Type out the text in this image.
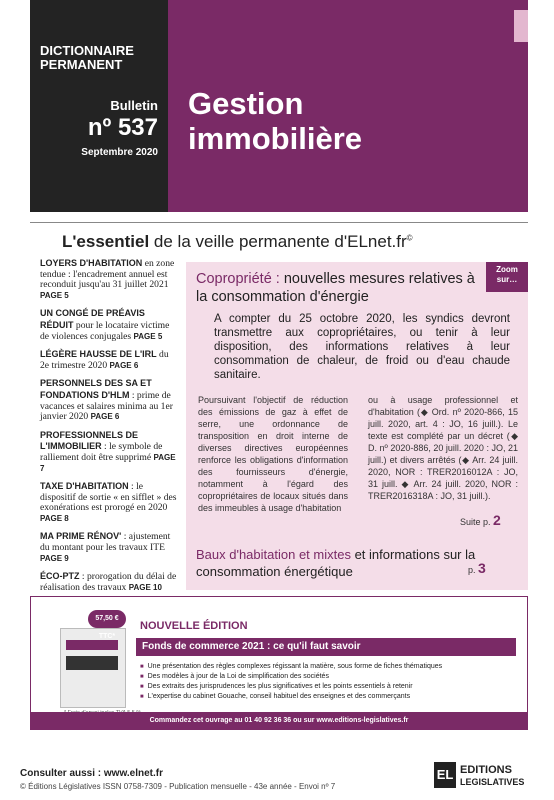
DICTIONNAIRE
PERMANENT
Bulletin
nº 537
Septembre 2020
Gestion
immobilière
L'essentiel de la veille permanente d'ELnet.fr©
LOYERS D'HABITATION en zone tendue : l'encadrement annuel est reconduit jusqu'au 31 juillet 2021 PAGE 5
UN CONGÉ DE PRÉAVIS RÉDUIT pour le locataire victime de violences conjugales PAGE 5
LÉGÈRE HAUSSE DE L'IRL du 2e trimestre 2020 PAGE 6
PERSONNELS DES SA ET FONDATIONS D'HLM : prime de vacances et salaires minima au 1er janvier 2020 PAGE 6
PROFESSIONNELS DE L'IMMOBILIER : le symbole de ralliement doit être supprimé PAGE 7
TAXE D'HABITATION : le dispositif de sortie « en sifflet » des exonérations est prorogé en 2020 PAGE 8
MA PRIME RÉNOV' : ajustement du montant pour les travaux ITE PAGE 9
ÉCO-PTZ : prorogation du délai de réalisation des travaux PAGE 10
Zoom sur…
Copropriété : nouvelles mesures relatives à la consommation d'énergie
A compter du 25 octobre 2020, les syndics devront transmettre aux copropriétaires, ou tenir à leur disposition, des informations relatives à leur consommation de chaleur, de froid ou d'eau chaude sanitaire.
Poursuivant l'objectif de réduction des émissions de gaz à effet de serre, une ordonnance de transposition en droit interne de diverses directives européennes renforce les obligations d'information des fournisseurs d'énergie, notamment à l'égard des copropriétaires de locaux situés dans des immeubles à usage d'habitation
ou à usage professionnel et d'habitation (◆ Ord. nº 2020-866, 15 juill. 2020, art. 4 : JO, 16 juill.). Le texte est complété par un décret (◆ D. nº 2020-886, 20 juill. 2020 : JO, 21 juill.) et divers arrêtés (◆ Arr. 24 juill. 2020, NOR : TRER2016012A : JO, 31 juill. ◆ Arr. 24 juill. 2020, NOR : TRER2016318A : JO, 31 juill.).
Suite p. 2
Baux d'habitation et mixtes et informations sur la consommation énergétique	p. 3
57,50 € TTC*
NOUVELLE ÉDITION
Fonds de commerce 2021 : ce qu'il faut savoir
■ Une présentation des règles complexes régissant la matière, sous forme de fiches thématiques
■ Des modèles à jour de la Loi de simplification des sociétés
■ Des extraits des jurisprudences les plus significatives et les points essentiels à retenir
■ L'expertise du cabinet Gouache, conseil habituel des enseignes et des commerçants
Commandez cet ouvrage au 01 40 92 36 36 ou sur www.editions-legislatives.fr
Consulter aussi : www.elnet.fr
© Éditions Législatives ISSN 0758-7309 - Publication mensuelle - 43e année - Envoi nº 7
EL EDITIONS
LEGISLATIVES
